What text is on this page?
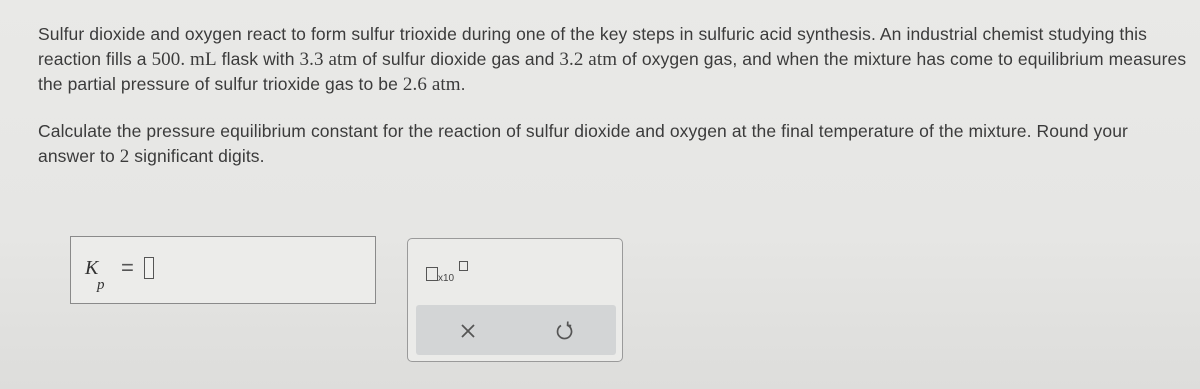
Sulfur dioxide and oxygen react to form sulfur trioxide during one of the key steps in sulfuric acid synthesis. An industrial chemist studying this reaction fills a 500. mL flask with 3.3 atm of sulfur dioxide gas and 3.2 atm of oxygen gas, and when the mixture has come to equilibrium measures the partial pressure of sulfur trioxide gas to be 2.6 atm.

Calculate the pressure equilibrium constant for the reaction of sulfur dioxide and oxygen at the final temperature of the mixture. Round your answer to 2 significant digits.

K
p
=	x10
